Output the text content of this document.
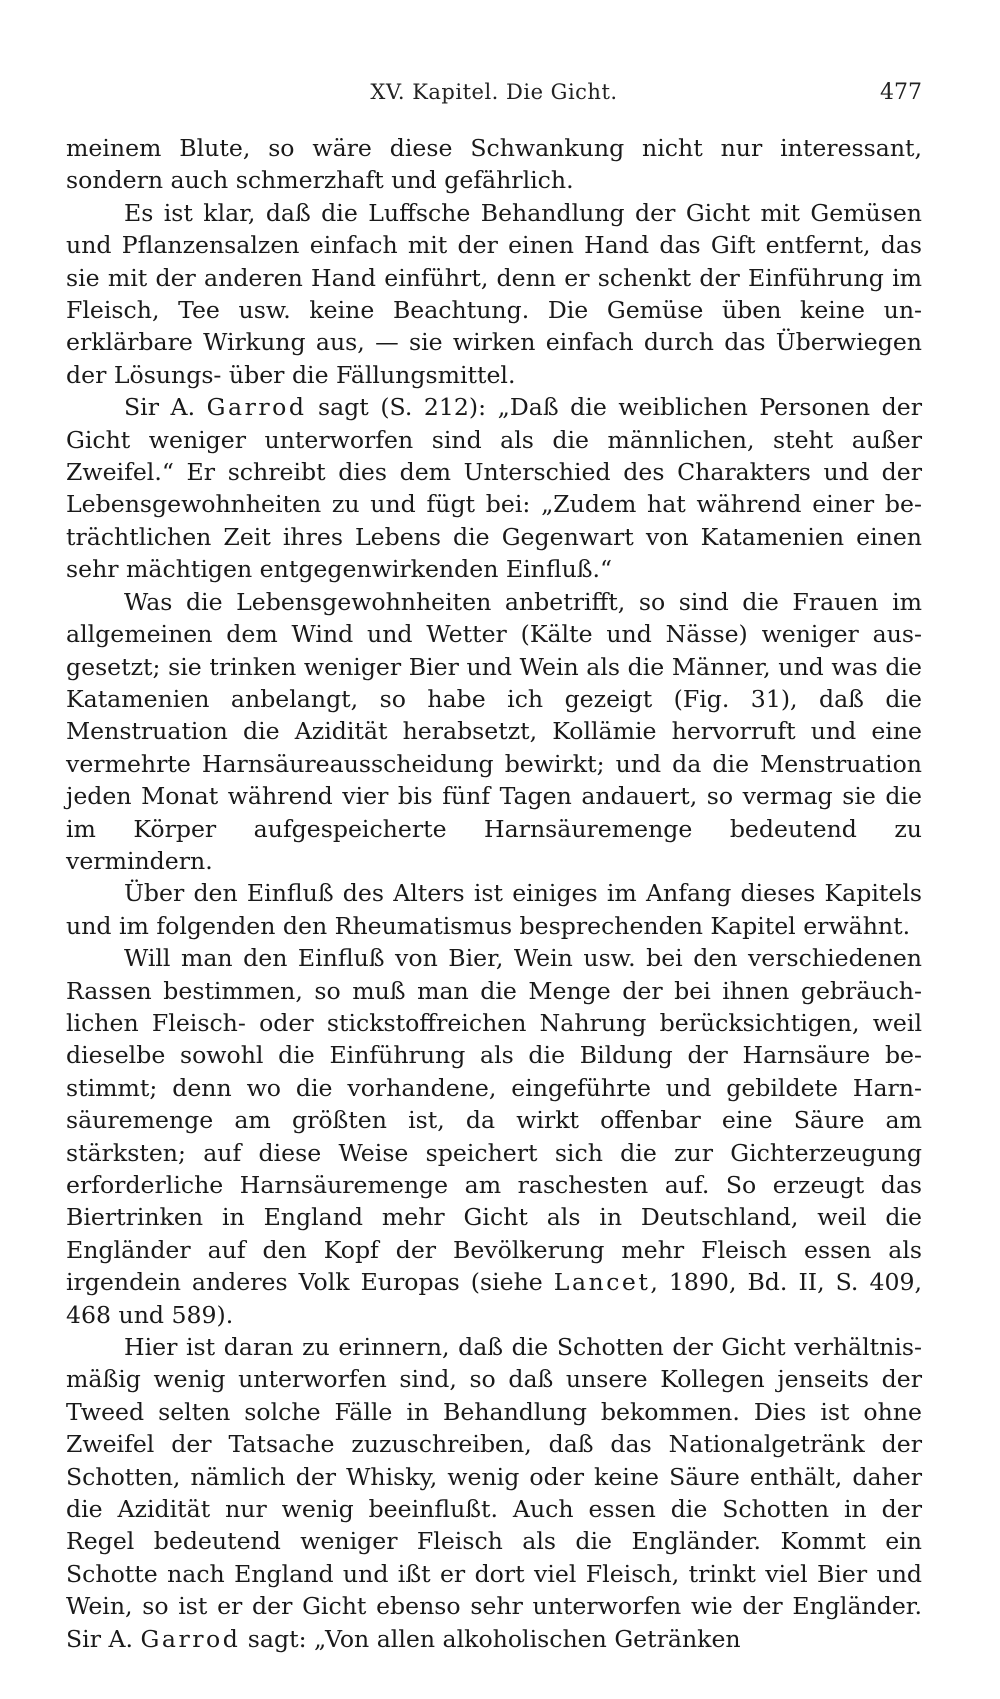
XV. Kapitel. Die Gicht.	477

meinem Blute, so wäre diese Schwankung nicht nur interessant, sondern auch schmerzhaft und gefährlich.

Es ist klar, daß die Luffsche Behandlung der Gicht mit Gemüsen und Pflanzensalzen einfach mit der einen Hand das Gift entfernt, das sie mit der anderen Hand einführt, denn er schenkt der Einführung im Fleisch, Tee usw. keine Beachtung. Die Gemüse üben keine unerklärbare Wirkung aus, — sie wirken einfach durch das Überwiegen der Lösungs- über die Fällungsmittel.

Sir A. Garrod sagt (S. 212): „Daß die weiblichen Personen der Gicht weniger unterworfen sind als die männlichen, steht außer Zweifel.“ Er schreibt dies dem Unterschied des Charakters und der Lebensgewohnheiten zu und fügt bei: „Zudem hat während einer beträchtlichen Zeit ihres Lebens die Gegenwart von Katamenien einen sehr mächtigen entgegenwirkenden Einfluß.“

Was die Lebensgewohnheiten anbetrifft, so sind die Frauen im allgemeinen dem Wind und Wetter (Kälte und Nässe) weniger ausgesetzt; sie trinken weniger Bier und Wein als die Männer, und was die Katamenien anbelangt, so habe ich gezeigt (Fig. 31), daß die Menstruation die Azidität herabsetzt, Kollämie hervorruft und eine vermehrte Harnsäureausscheidung bewirkt; und da die Menstruation jeden Monat während vier bis fünf Tagen andauert, so vermag sie die im Körper aufgespeicherte Harnsäuremenge bedeutend zu vermindern.

Über den Einfluß des Alters ist einiges im Anfang dieses Kapitels und im folgenden den Rheumatismus besprechenden Kapitel erwähnt.

Will man den Einfluß von Bier, Wein usw. bei den verschiedenen Rassen bestimmen, so muß man die Menge der bei ihnen gebräuchlichen Fleisch- oder stickstoffreichen Nahrung berücksichtigen, weil dieselbe sowohl die Einführung als die Bildung der Harnsäure bestimmt; denn wo die vorhandene, eingeführte und gebildete Harnsäuremenge am größten ist, da wirkt offenbar eine Säure am stärksten; auf diese Weise speichert sich die zur Gichterzeugung erforderliche Harnsäuremenge am raschesten auf. So erzeugt das Biertrinken in England mehr Gicht als in Deutschland, weil die Engländer auf den Kopf der Bevölkerung mehr Fleisch essen als irgendein anderes Volk Europas (siehe Lancet, 1890, Bd. II, S. 409, 468 und 589).

Hier ist daran zu erinnern, daß die Schotten der Gicht verhältnismäßig wenig unterworfen sind, so daß unsere Kollegen jenseits der Tweed selten solche Fälle in Behandlung bekommen. Dies ist ohne Zweifel der Tatsache zuzuschreiben, daß das Nationalgetränk der Schotten, nämlich der Whisky, wenig oder keine Säure enthält, daher die Azidität nur wenig beeinflußt. Auch essen die Schotten in der Regel bedeutend weniger Fleisch als die Engländer. Kommt ein Schotte nach England und ißt er dort viel Fleisch, trinkt viel Bier und Wein, so ist er der Gicht ebenso sehr unterworfen wie der Engländer. Sir A. Garrod sagt: „Von allen alkoholischen Getränken
